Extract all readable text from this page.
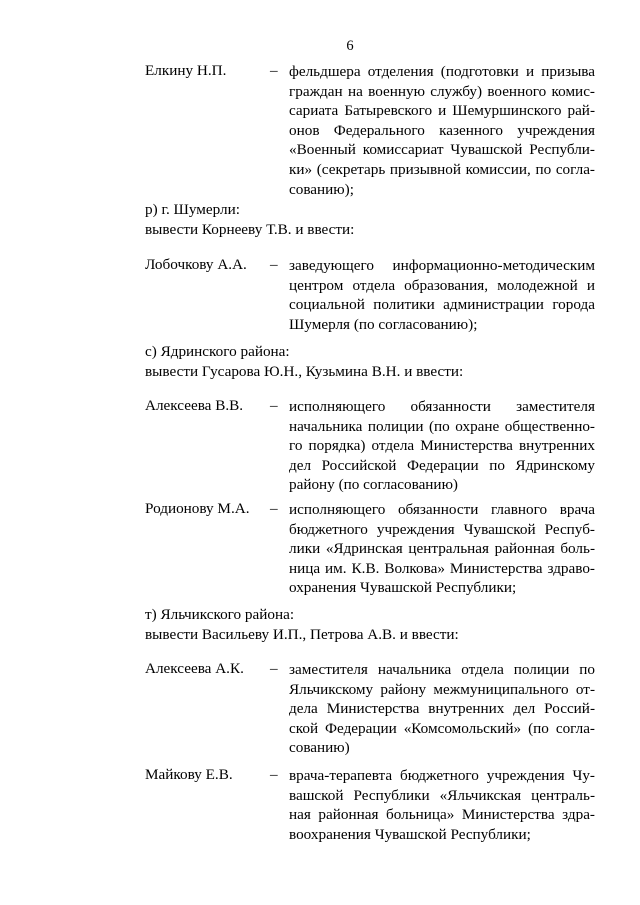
6
Елкину Н.П.	– фельдшера отделения (подготовки и призыва
граждан на военную службу) военного комис-
сариата Батыревского и Шемуршинского рай-
онов Федерального казенного учреждения
«Военный комиссариат Чувашской Республи-
ки» (секретарь призывной комиссии, по согла-
сованию);
р) г. Шумерли:
вывести Корнееву Т.В. и ввести:
Лобочкову А.А. – заведующего информационно-методическим
центром отдела образования, молодежной и
социальной политики администрации города
Шумерля (по согласованию);
с) Ядринского района:
вывести Гусарова Ю.Н., Кузьмина В.Н. и ввести:
Алексеева В.В. – исполняющего обязанности заместителя
начальника полиции (по охране общественно-
го порядка) отдела Министерства внутренних
дел Российской Федерации по Ядринскому
району (по согласованию)
Родионову М.А. – исполняющего обязанности главного врача
бюджетного учреждения Чувашской Респуб-
лики «Ядринская центральная районная боль-
ница им. К.В. Волкова» Министерства здраво-
охранения Чувашской Республики;
т) Яльчикского района:
вывести Васильеву И.П., Петрова А.В. и ввести:
Алексеева А.К. – заместителя начальника отдела полиции по
Яльчикскому району межмуниципального от-
дела Министерства внутренних дел Россий-
ской Федерации «Комсомольский» (по согла-
сованию)
Майкову Е.В. – врача-терапевта бюджетного учреждения Чу-
вашской Республики «Яльчикская централь-
ная районная больница» Министерства здра-
воохранения Чувашской Республики;
